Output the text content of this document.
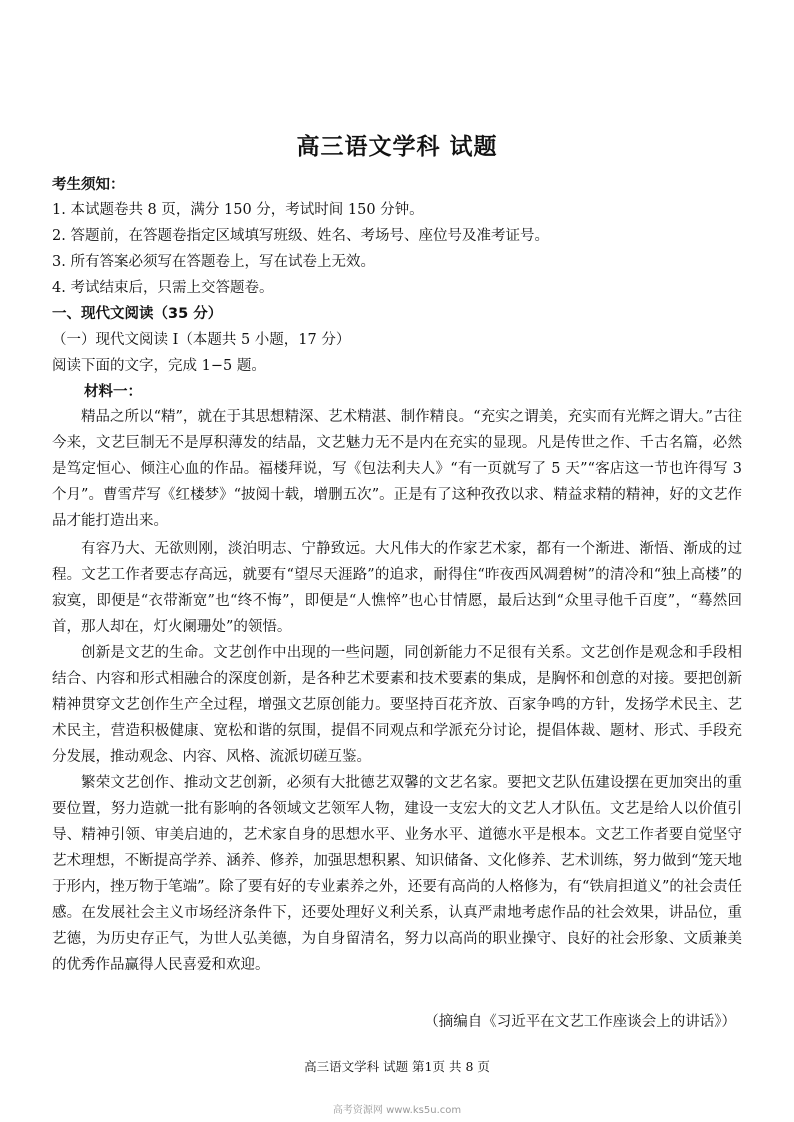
高三语文学科 试题
考生须知：
1. 本试题卷共 8 页，满分 150 分，考试时间 150 分钟。
2. 答题前，在答题卷指定区域填写班级、姓名、考场号、座位号及准考证号。
3. 所有答案必须写在答题卷上，写在试卷上无效。
4. 考试结束后，只需上交答题卷。
一、现代文阅读（35 分）
（一）现代文阅读 I（本题共 5 小题，17 分）
阅读下面的文字，完成 1−5 题。
材料一：
精品之所以“精”，就在于其思想精深、艺术精湛、制作精良。“充实之谓美，充实而有光辉之谓大。”古往今来，文艺巨制无不是厚积薄发的结晶，文艺魅力无不是内在充实的显现。凡是传世之作、千古名篇，必然是笃定恒心、倾注心血的作品。福楼拜说，写《包法利夫人》“有一页就写了 5 天”“客店这一节也许得写 3 个月”。曹雪芹写《红楼梦》“披阅十载，增删五次”。正是有了这种孜孜以求、精益求精的精神，好的文艺作品才能打造出来。
有容乃大、无欲则刚，淡泊明志、宁静致远。大凡伟大的作家艺术家，都有一个渐进、渐悟、渐成的过程。文艺工作者要志存高远，就要有“望尽天涯路”的追求，耐得住“昨夜西风凋碧树”的清冷和“独上高楼”的寂寞，即便是“衣带渐宽”也“终不悔”，即便是“人憔悴”也心甘情愿，最后达到“众里寻他千百度”，“蓦然回首，那人却在，灯火阑珊处”的领悟。
创新是文艺的生命。文艺创作中出现的一些问题，同创新能力不足很有关系。文艺创作是观念和手段相结合、内容和形式相融合的深度创新，是各种艺术要素和技术要素的集成，是胸怀和创意的对接。要把创新精神贯穿文艺创作生产全过程，增强文艺原创能力。要坚持百花齐放、百家争鸣的方针，发扬学术民主、艺术民主，营造积极健康、宽松和谐的氛围，提倡不同观点和学派充分讨论，提倡体裁、题材、形式、手段充分发展，推动观念、内容、风格、流派切磋互鉴。
繁荣文艺创作、推动文艺创新，必须有大批德艺双馨的文艺名家。要把文艺队伍建设摆在更加突出的重要位置，努力造就一批有影响的各领域文艺领军人物，建设一支宏大的文艺人才队伍。文艺是给人以价值引导、精神引领、审美启迪的，艺术家自身的思想水平、业务水平、道德水平是根本。文艺工作者要自觉坚守艺术理想，不断提高学养、涵养、修养，加强思想积累、知识储备、文化修养、艺术训练，努力做到“笼天地于形内，挫万物于笔端”。除了要有好的专业素养之外，还要有高尚的人格修为，有“铁肩担道义”的社会责任感。在发展社会主义市场经济条件下，还要处理好义利关系，认真严肃地考虑作品的社会效果，讲品位，重艺德，为历史存正气，为世人弘美德，为自身留清名，努力以高尚的职业操守、良好的社会形象、文质兼美的优秀作品赢得人民喜爱和欢迎。
（摘编自《习近平在文艺工作座谈会上的讲话》）
高三语文学科 试题 第1页 共 8 页
高考资源网 www.ks5u.com
